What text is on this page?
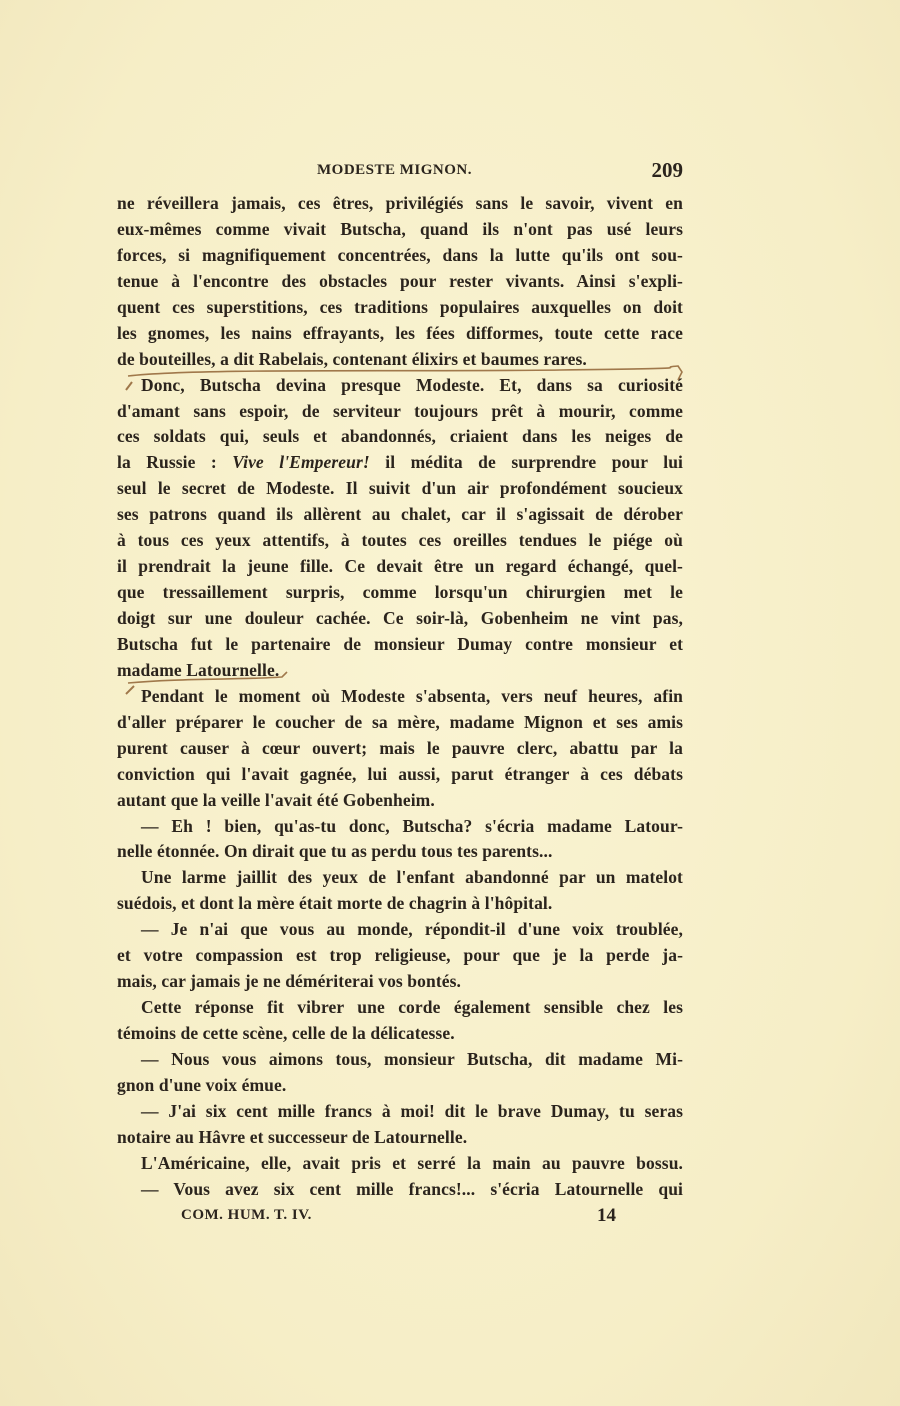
MODESTE MIGNON.	209
ne réveillera jamais, ces êtres, privilégiés sans le savoir, vivent en
eux-mêmes comme vivait Butscha, quand ils n'ont pas usé leurs
forces, si magnifiquement concentrées, dans la lutte qu'ils ont sou-
tenue à l'encontre des obstacles pour rester vivants. Ainsi s'expli-
quent ces superstitions, ces traditions populaires auxquelles on doit
les gnomes, les nains effrayants, les fées difformes, toute cette race
de bouteilles, a dit Rabelais, contenant élixirs et baumes rares.
Donc, Butscha devina presque Modeste. Et, dans sa curiosité
d'amant sans espoir, de serviteur toujours prêt à mourir, comme
ces soldats qui, seuls et abandonnés, criaient dans les neiges de
la Russie : Vive l'Empereur! il médita de surprendre pour lui
seul le secret de Modeste. Il suivit d'un air profondément soucieux
ses patrons quand ils allèrent au chalet, car il s'agissait de dérober
à tous ces yeux attentifs, à toutes ces oreilles tendues le piége où
il prendrait la jeune fille. Ce devait être un regard échangé, quel-
que tressaillement surpris, comme lorsqu'un chirurgien met le
doigt sur une douleur cachée. Ce soir-là, Gobenheim ne vint pas,
Butscha fut le partenaire de monsieur Dumay contre monsieur et
madame Latournelle.
Pendant le moment où Modeste s'absenta, vers neuf heures, afin
d'aller préparer le coucher de sa mère, madame Mignon et ses amis
purent causer à cœur ouvert; mais le pauvre clerc, abattu par la
conviction qui l'avait gagnée, lui aussi, parut étranger à ces débats
autant que la veille l'avait été Gobenheim.
— Eh ! bien, qu'as-tu donc, Butscha? s'écria madame Latour-
nelle étonnée. On dirait que tu as perdu tous tes parents...
Une larme jaillit des yeux de l'enfant abandonné par un matelot
suédois, et dont la mère était morte de chagrin à l'hôpital.
— Je n'ai que vous au monde, répondit-il d'une voix troublée,
et votre compassion est trop religieuse, pour que je la perde ja-
mais, car jamais je ne démériterai vos bontés.
Cette réponse fit vibrer une corde également sensible chez les
témoins de cette scène, celle de la délicatesse.
— Nous vous aimons tous, monsieur Butscha, dit madame Mi-
gnon d'une voix émue.
— J'ai six cent mille francs à moi! dit le brave Dumay, tu seras
notaire au Hâvre et successeur de Latournelle.
L'Américaine, elle, avait pris et serré la main au pauvre bossu.
— Vous avez six cent mille francs!... s'écria Latournelle qui
COM. HUM. T. IV.	14
